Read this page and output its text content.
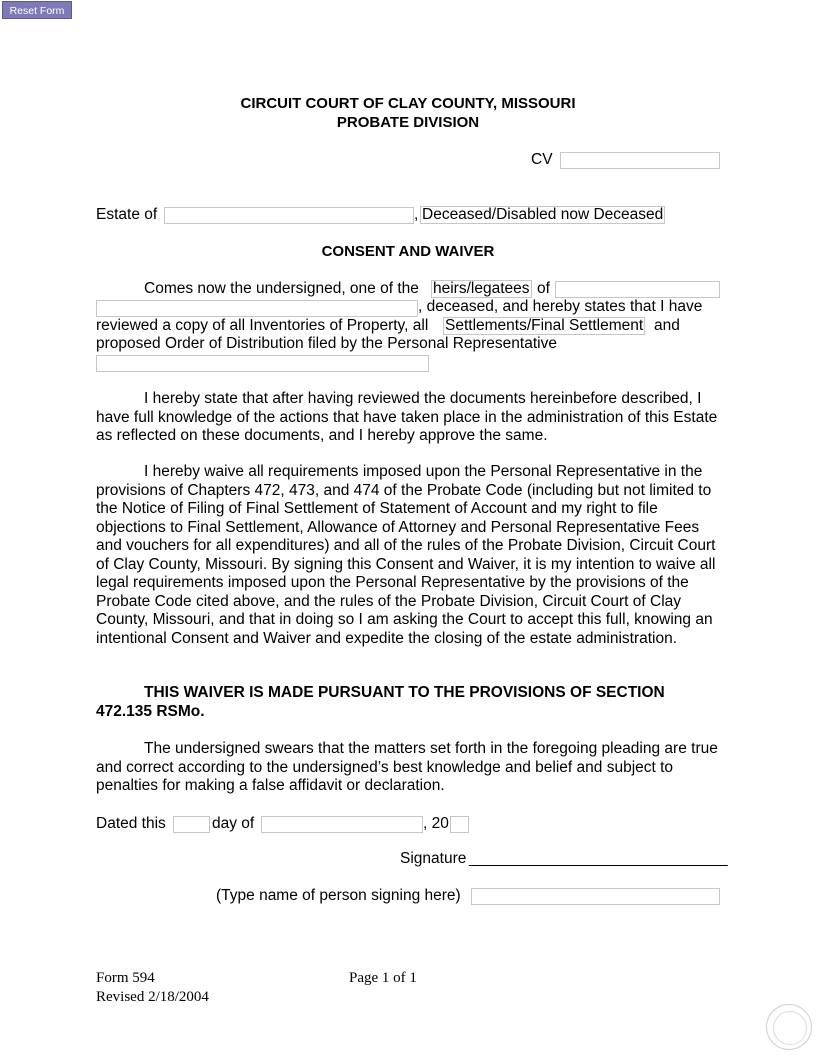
Reset Form
CIRCUIT COURT OF CLAY COUNTY, MISSOURI
PROBATE DIVISION
CV
Estate of	, Deceased/Disabled now Deceased
CONSENT AND WAIVER
Comes now the undersigned, one of the heirs/legatees of
, deceased, and hereby states that I have
reviewed a copy of all Inventories of Property, all Settlements/Final Settlement and
proposed Order of Distribution filed by the Personal Representative

I hereby state that after having reviewed the documents hereinbefore described, I have full knowledge of the actions that have taken place in the administration of this Estate as reflected on these documents, and I hereby approve the same.

I hereby waive all requirements imposed upon the Personal Representative in the provisions of Chapters 472, 473, and 474 of the Probate Code (including but not limited to the Notice of Filing of Final Settlement of Statement of Account and my right to file objections to Final Settlement, Allowance of Attorney and Personal Representative Fees and vouchers for all expenditures) and all of the rules of the Probate Division, Circuit Court of Clay County, Missouri. By signing this Consent and Waiver, it is my intention to waive all legal requirements imposed upon the Personal Representative by the provisions of the Probate Code cited above, and the rules of the Probate Division, Circuit Court of Clay County, Missouri, and that in doing so I am asking the Court to accept this full, knowing an intentional Consent and Waiver and expedite the closing of the estate administration.

THIS WAIVER IS MADE PURSUANT TO THE PROVISIONS OF SECTION 472.135 RSMo.

The undersigned swears that the matters set forth in the foregoing pleading are true and correct according to the undersigned’s best knowledge and belief and subject to penalties for making a false affidavit or declaration.

Dated this	day of	, 20
Signature ______________________________
(Type name of person signing here)
Form 594
Revised 2/18/2004
Page 1 of 1
